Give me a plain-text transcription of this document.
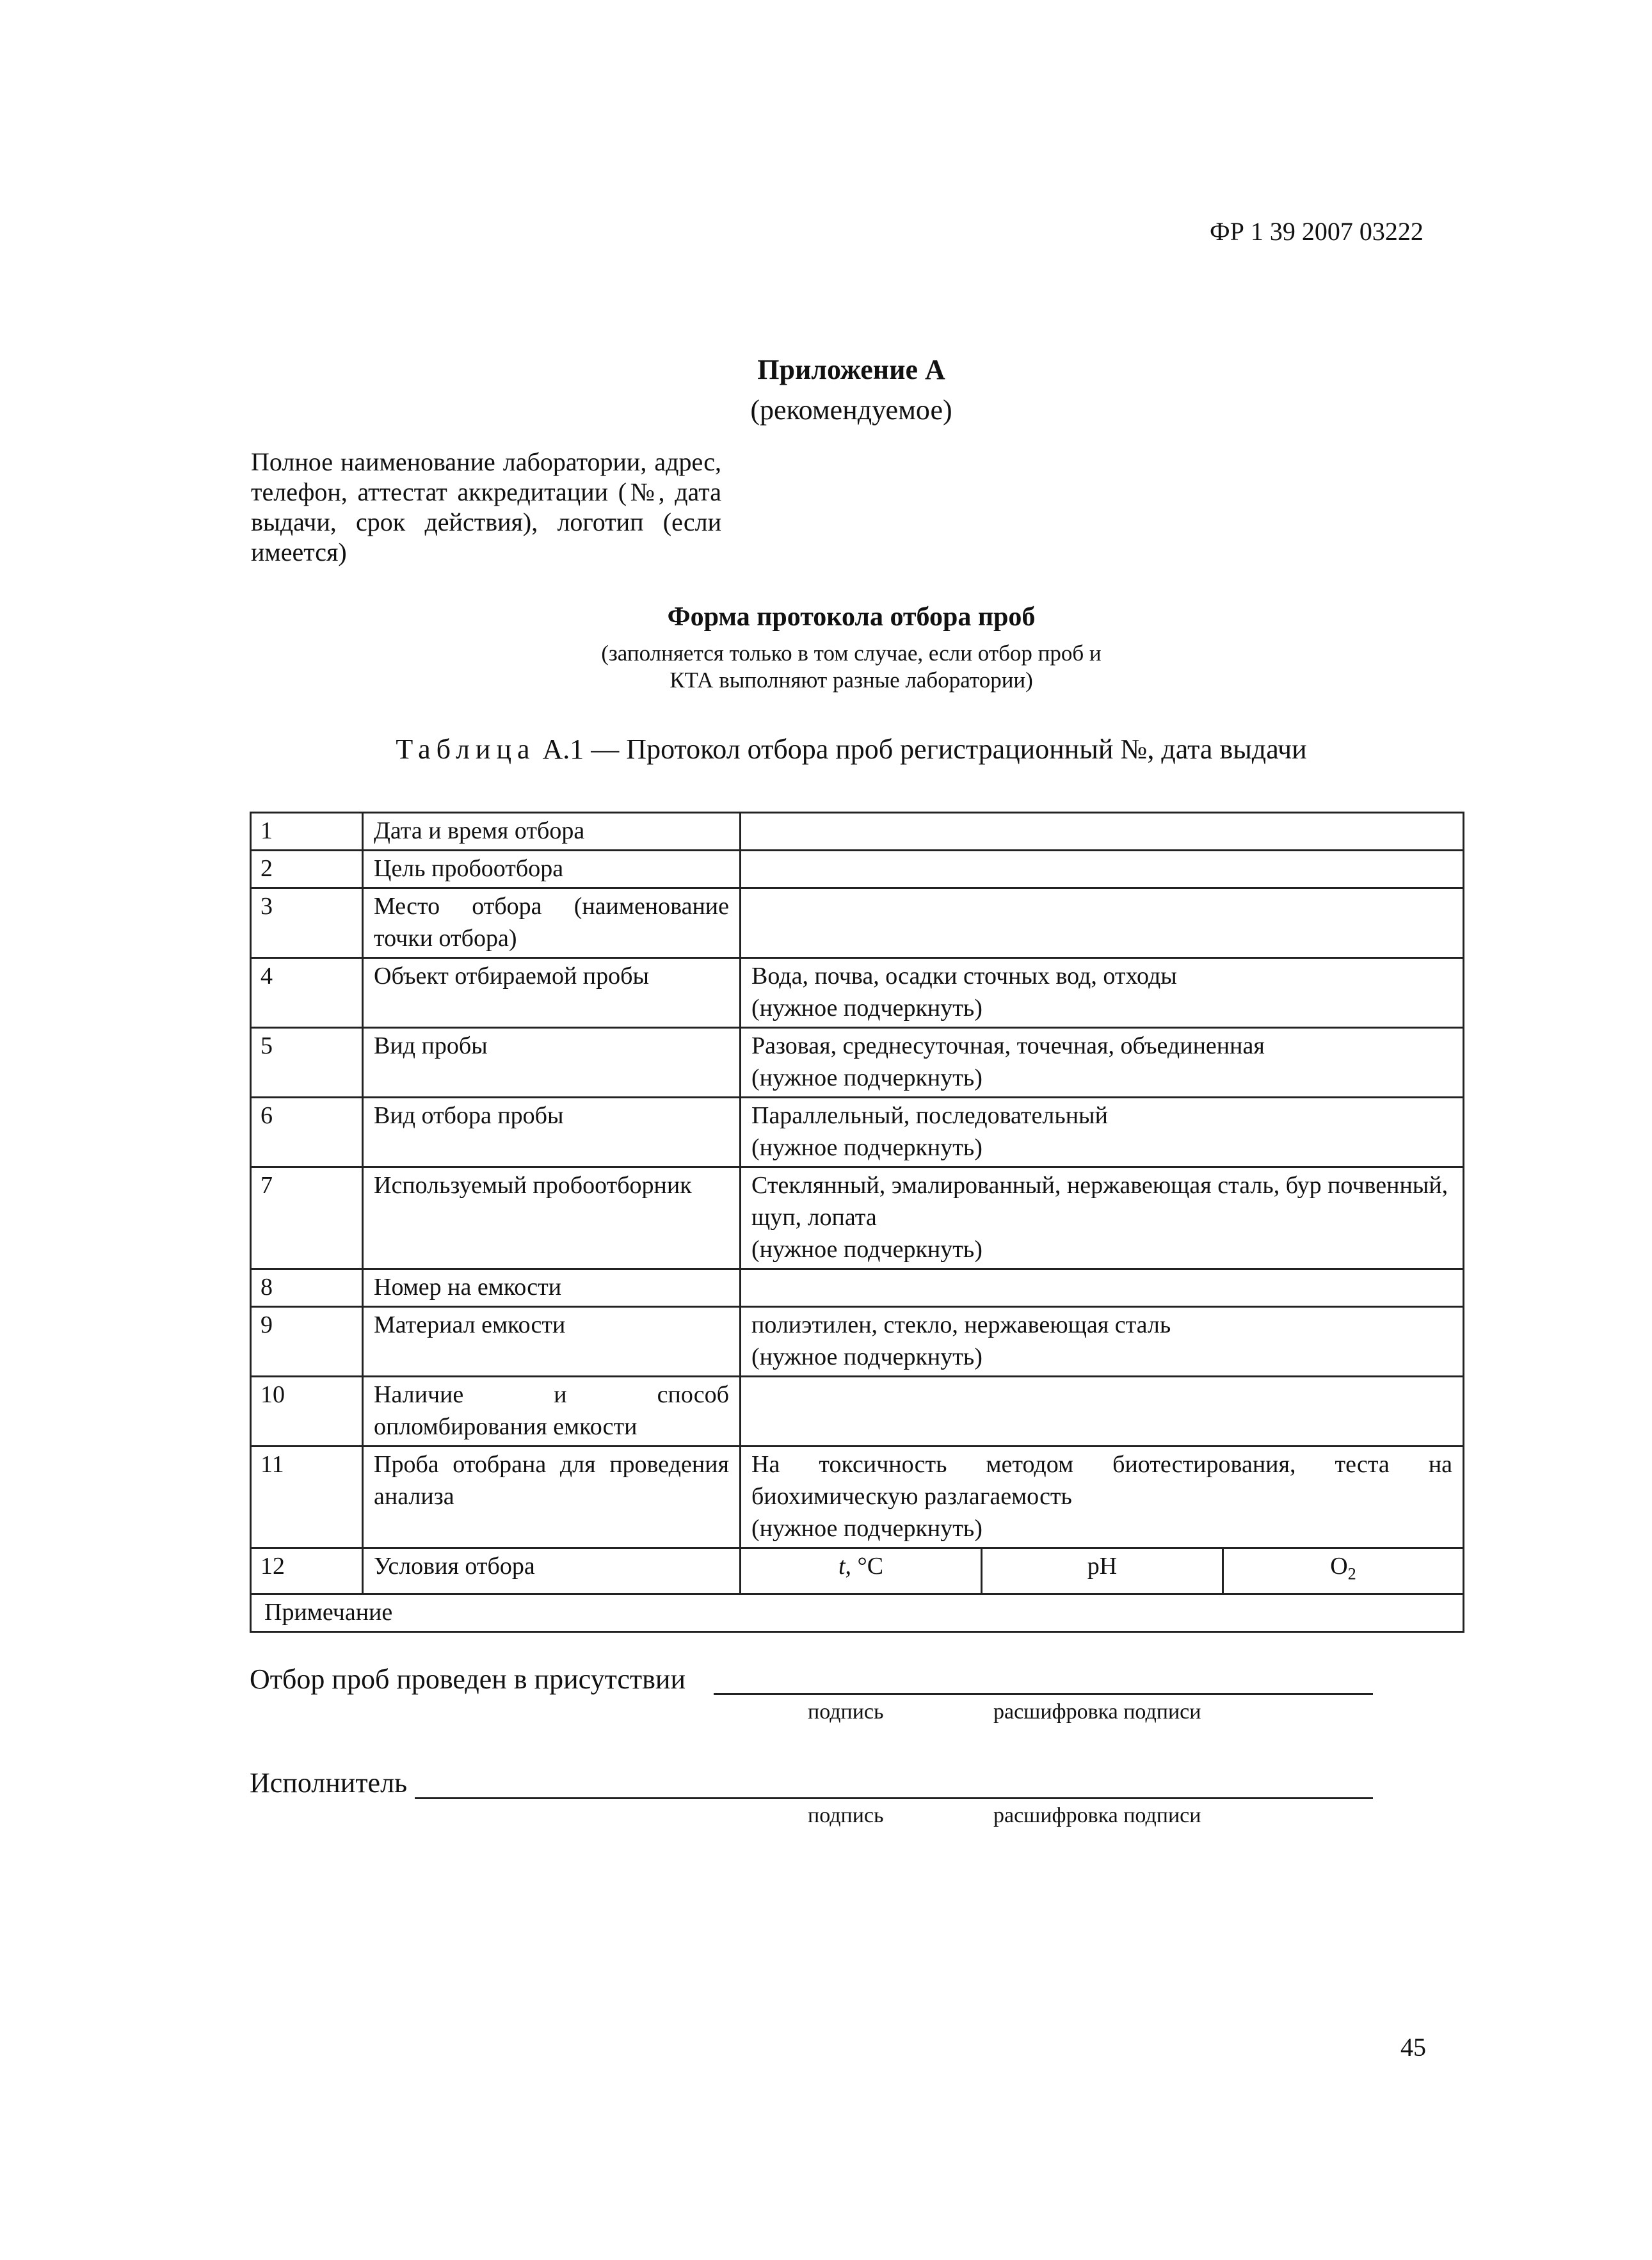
ФР 1 39 2007 03222
Приложение А
(рекомендуемое)
Полное наименование лаборатории, адрес, телефон, аттестат аккредитации (№, дата выдачи, срок действия), логотип (если имеется)
Форма протокола отбора проб
(заполняется только в том случае, если отбор проб и
КТА выполняют разные лаборатории)
Таблица А.1 — Протокол отбора проб регистрационный №, дата выдачи
1	Дата и время отбора			

2	Цель пробоотбора			

3	Место отбора (наименование точки отбора)			

4	Объект отбираемой пробы	Вода, почва, осадки сточных вод, отходы
(нужное подчеркнуть)		

5	Вид пробы	Разовая, среднесуточная, точечная, объединенная
(нужное подчеркнуть)		

6	Вид отбора пробы	Параллельный, последовательный
(нужное подчеркнуть)		

7	Используемый пробоотборник	Стеклянный, эмалированный, нержавеющая сталь, бур почвенный, щуп, лопата
(нужное подчеркнуть)		

8	Номер на емкости			

9	Материал емкости	полиэтилен, стекло, нержавеющая сталь
(нужное подчеркнуть)		

10	Наличие и способ опломбирования емкости			

11	Проба отобрана для проведения анализа	На токсичность методом биотестирования, теста на биохимическую разлагаемость
(нужное подчеркнуть)		

12	Условия отбора	t, °С	pH	$O_2$
Примечание				
Отбор проб проведен в присутствии
подпись	расшифровка подписи
Исполнитель
подпись	расшифровка подписи
45
